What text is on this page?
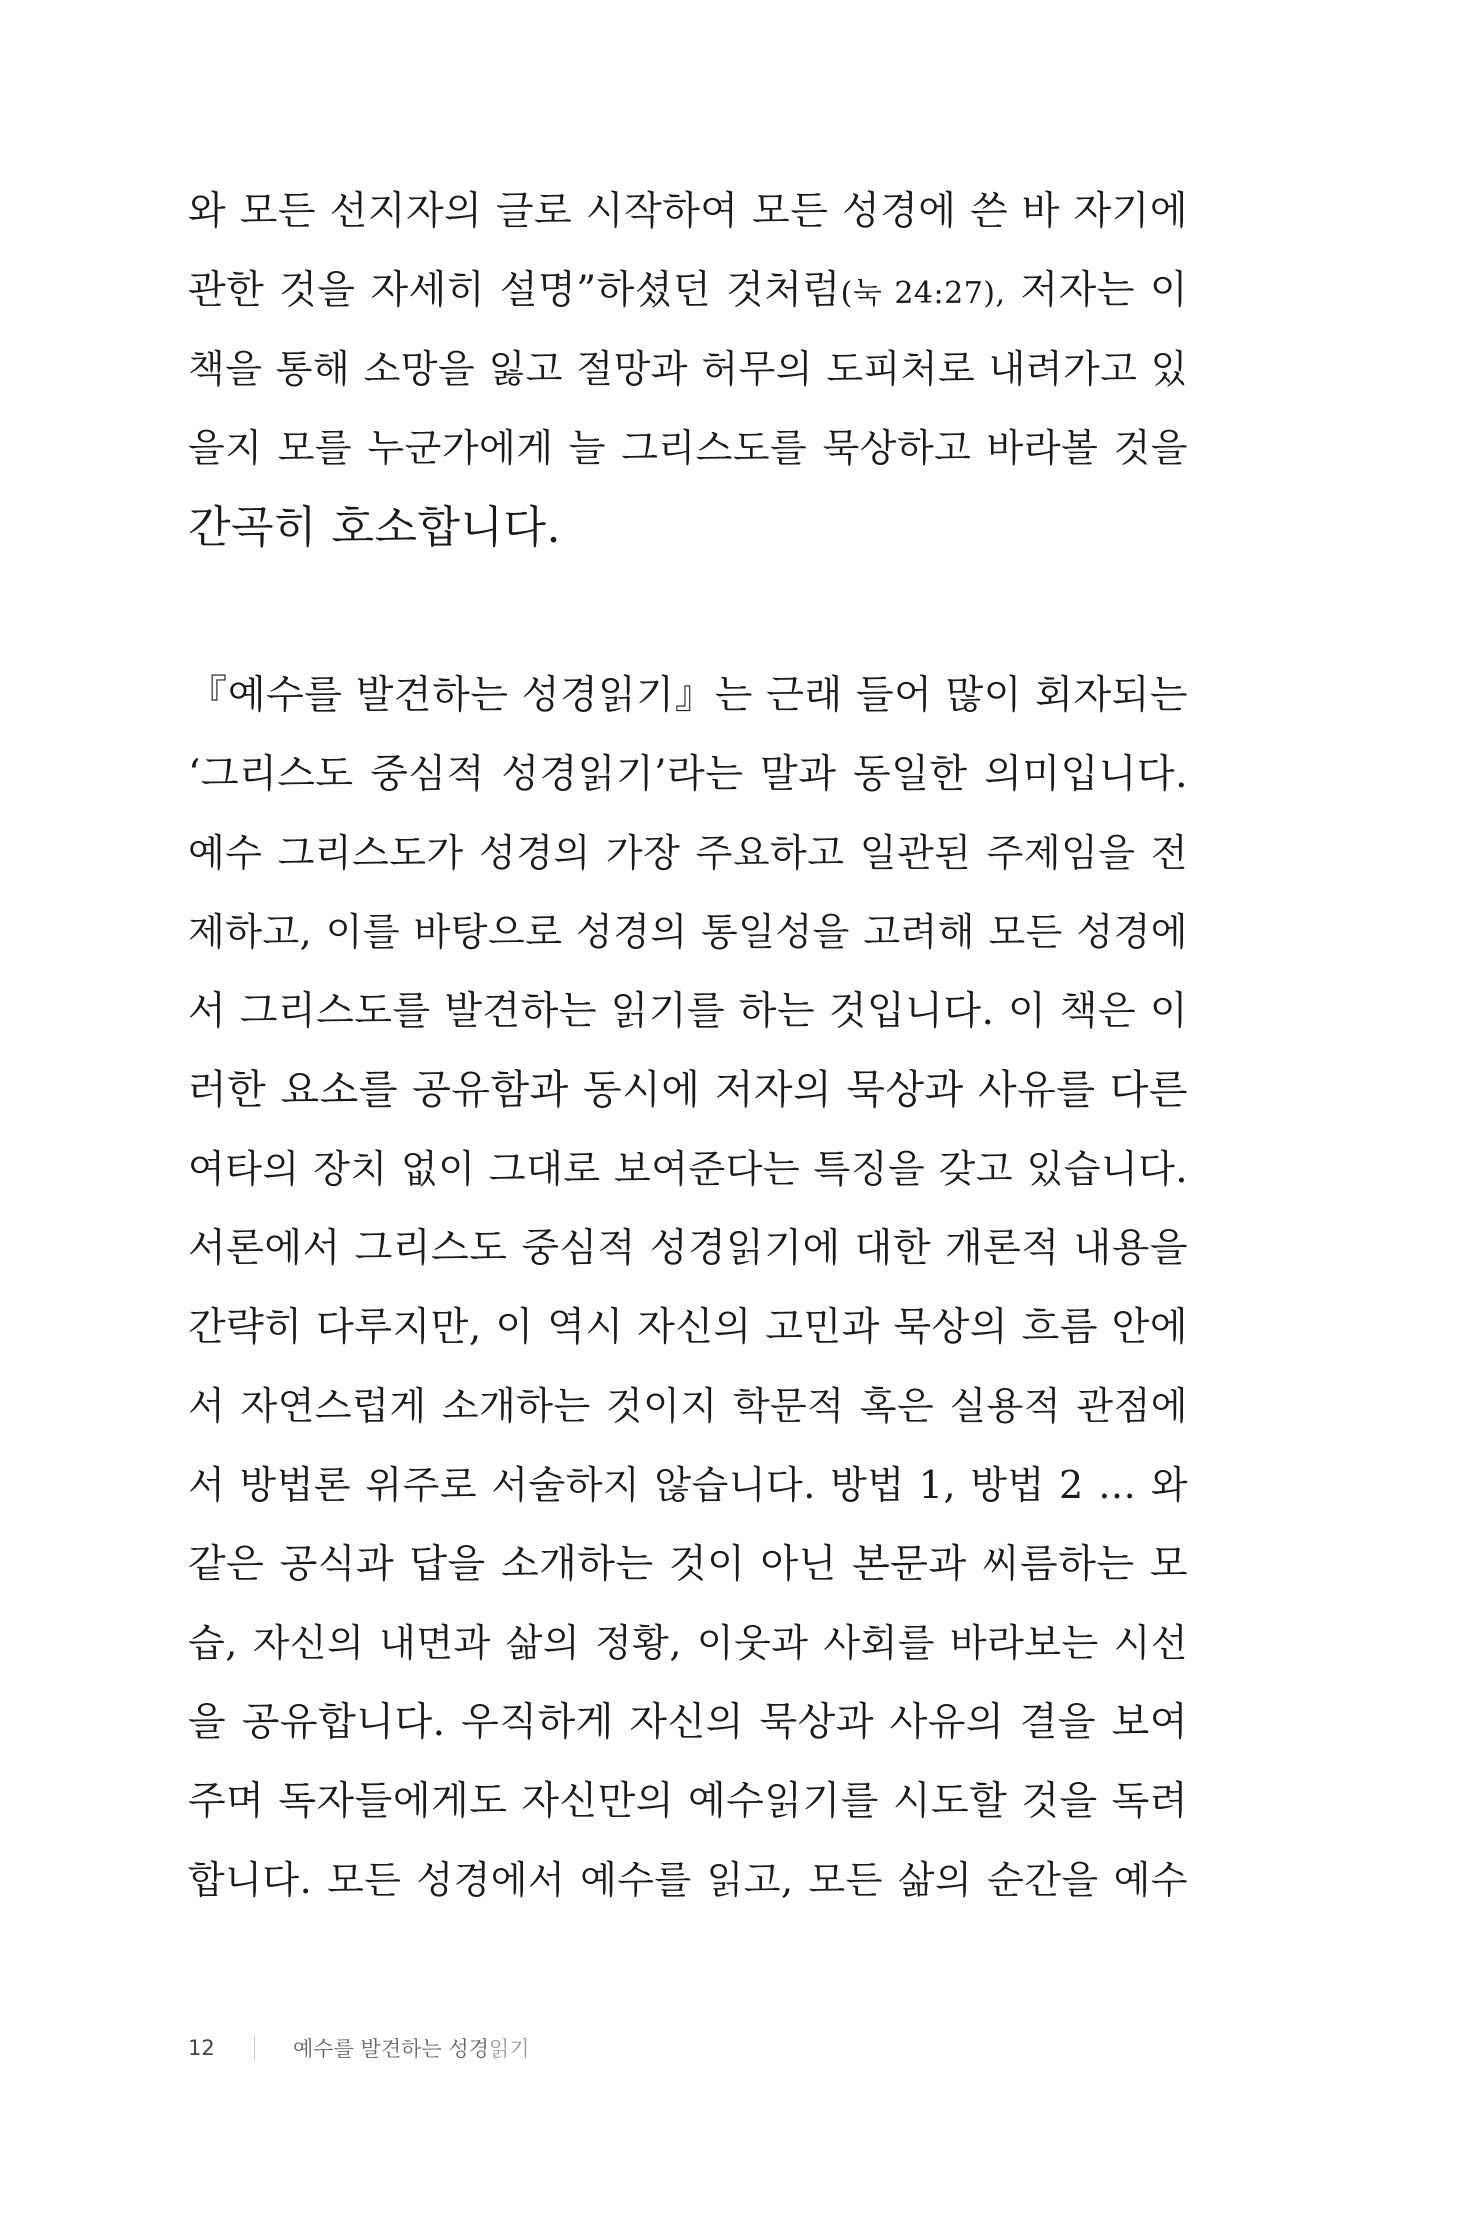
와 모든 선지자의 글로 시작하여 모든 성경에 쓴 바 자기에
관한 것을 자세히 설명”하셨던 것처럼(눅 24:27), 저자는 이
책을 통해 소망을 잃고 절망과 허무의 도피처로 내려가고 있
을지 모를 누군가에게 늘 그리스도를 묵상하고 바라볼 것을
간곡히 호소합니다.
『예수를 발견하는 성경읽기』는 근래 들어 많이 회자되는
‘그리스도 중심적 성경읽기’라는 말과 동일한 의미입니다.
예수 그리스도가 성경의 가장 주요하고 일관된 주제임을 전
제하고, 이를 바탕으로 성경의 통일성을 고려해 모든 성경에
서 그리스도를 발견하는 읽기를 하는 것입니다. 이 책은 이
러한 요소를 공유함과 동시에 저자의 묵상과 사유를 다른
여타의 장치 없이 그대로 보여준다는 특징을 갖고 있습니다.
서론에서 그리스도 중심적 성경읽기에 대한 개론적 내용을
간략히 다루지만, 이 역시 자신의 고민과 묵상의 흐름 안에
서 자연스럽게 소개하는 것이지 학문적 혹은 실용적 관점에
서 방법론 위주로 서술하지 않습니다. 방법 1, 방법 2 … 와
같은 공식과 답을 소개하는 것이 아닌 본문과 씨름하는 모
습, 자신의 내면과 삶의 정황, 이웃과 사회를 바라보는 시선
을 공유합니다. 우직하게 자신의 묵상과 사유의 결을 보여
주며 독자들에게도 자신만의 예수읽기를 시도할 것을 독려
합니다. 모든 성경에서 예수를 읽고, 모든 삶의 순간을 예수
12	예수를 발견하는 성경읽기
